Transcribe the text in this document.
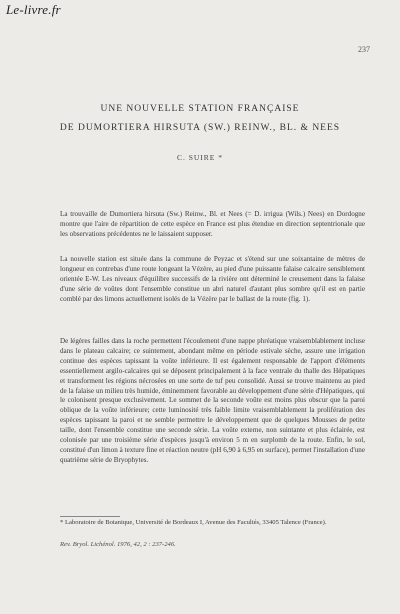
Le-livre.fr
237
UNE NOUVELLE STATION FRANÇAISE
DE DUMORTIERA HIRSUTA (SW.) REINW., BL. & NEES
C. SUIRE *

La trouvaille de Dumortiera hirsuta (Sw.) Reinw., Bl. et Nees (= D. irrigua (Wils.) Nees) en Dordogne montre que l'aire de répartition de cette espèce en France est plus étendue en direction septentrionale que les observations précédentes ne le laissaient supposer.

La nouvelle station est située dans la commune de Peyzac et s'étend sur une soixantaine de mètres de longueur en contrebas d'une route longeant la Vézère, au pied d'une puissante falaise calcaire sensiblement orientée E-W. Les niveaux d'équilibre successifs de la rivière ont déterminé le creusement dans la falaise d'une série de voûtes dont l'ensemble constitue un abri naturel d'autant plus sombre qu'il est en partie comblé par des limons actuellement isolés de la Vézère par le ballast de la route (fig. 1).

De légères failles dans la roche permettent l'écoulement d'une nappe phréatique vraisemblablement incluse dans le plateau calcaire; ce suintement, abondant même en période estivale sèche, assure une irrigation continue des espèces tapissant la voûte inférieure. Il est également responsable de l'apport d'éléments essentiellement argilo-calcaires qui se déposent principalement à la face ventrale du thalle des Hépatiques et transforment les régions nécrosées en une sorte de tuf peu consolidé. Aussi se trouve maintenu au pied de la falaise un milieu très humide, éminemment favorable au développement d'une série d'Hépatiques, qui le colonisent presque exclusivement. Le sommet de la seconde voûte est moins plus obscur que la paroi oblique de la voûte inférieure; cette luminosité très faible limite vraisemblablement la prolifération des espèces tapissant la paroi et ne semble permettre le développement que de quelques Mousses de petite taille, dont l'ensemble constitue une seconde série. La voûte externe, non suintante et plus éclairée, est colonisée par une troisième série d'espèces jusqu'à environ 5 m en surplomb de la route. Enfin, le sol, constitué d'un limon à texture fine et réaction neutre (pH 6,90 à 6,95 en surface), permet l'installation d'une quatrième série de Bryophytes.

* Laboratoire de Botanique, Université de Bordeaux I, Avenue des Facultés, 33405 Talence (France).

Rev. Bryol. Lichénol. 1976, 42, 2 : 237-246.
